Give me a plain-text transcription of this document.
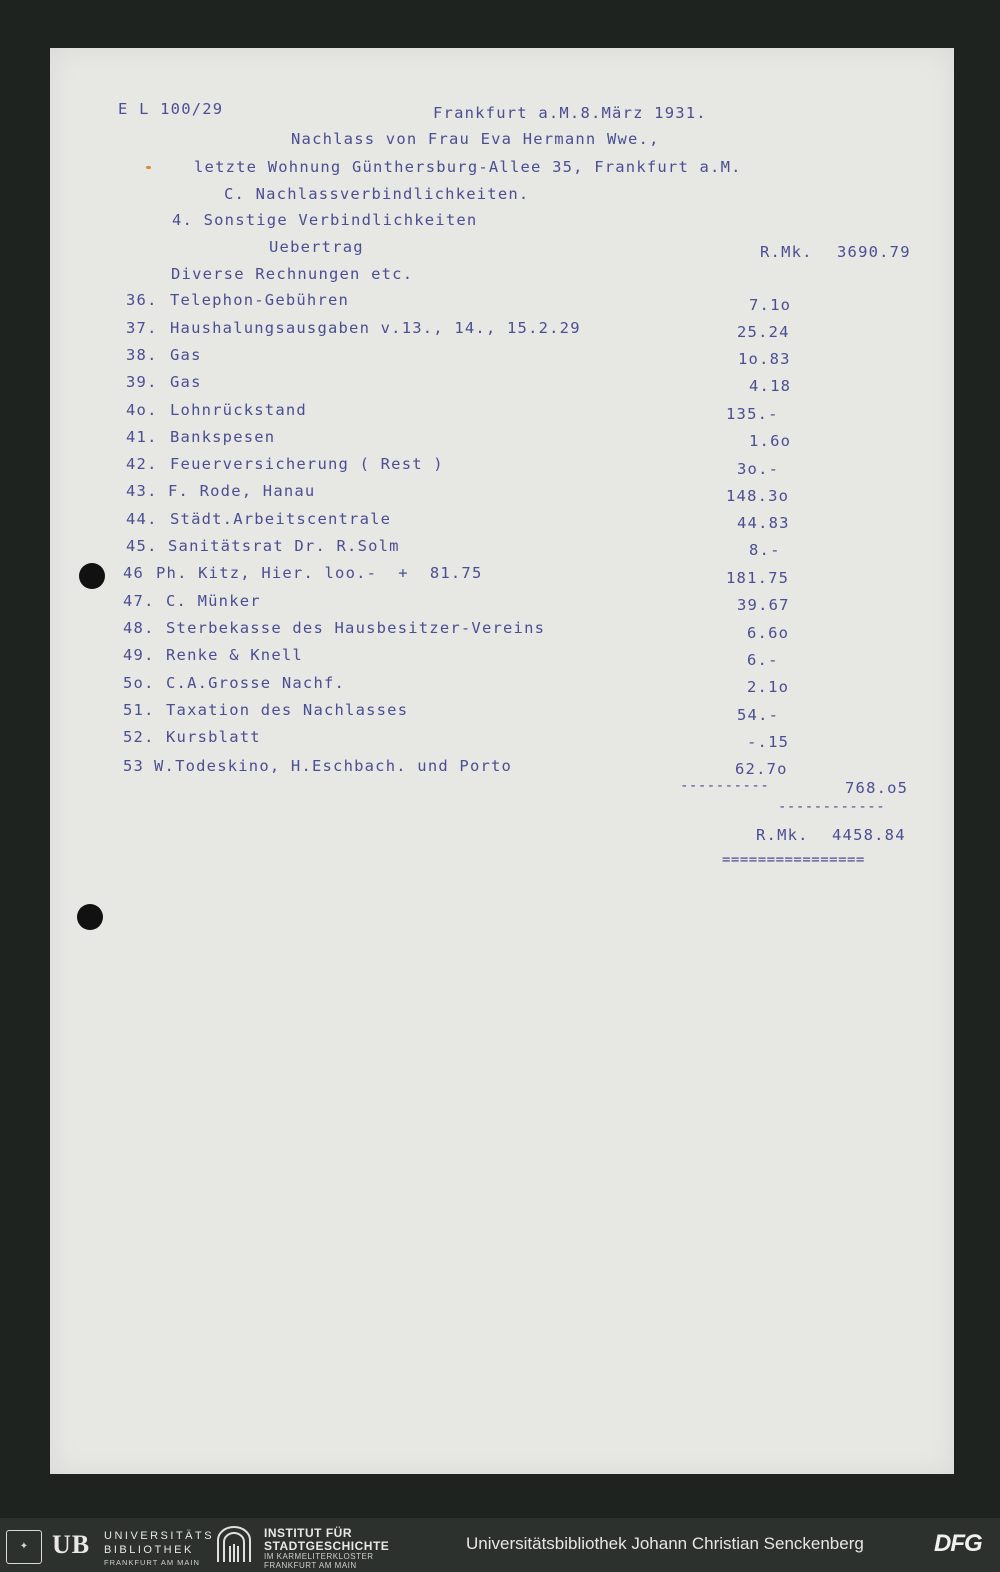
E L 100/29	Frankfurt a.M.8.März 1931.
Nachlass von Frau Eva Hermann Wwe.,
letzte Wohnung Günthersburg-Allee 35, Frankfurt a.M.
C. Nachlassverbindlichkeiten.
4. Sonstige Verbindlichkeiten
Uebertrag	R.Mk. 3690.79
Diverse Rechnungen etc.
36. Telephon-Gebühren	7.1o
37. Haushalungsausgaben v.13., 14., 15.2.29	25.24
38. Gas	1o.83
39. Gas	4.18
4o. Lohnrückstand	135.-
41. Bankspesen	1.6o
42. Feuerversicherung ( Rest )	3o.-
43. F. Rode, Hanau	148.3o
44. Städt.Arbeitscentrale	44.83
45. Sanitätsrat Dr. R.Solm	8.-
46 Ph. Kitz, Hier. loo.-  +  81.75	181.75
47. C. Münker	39.67
48. Sterbekasse des Hausbesitzer-Vereins	6.6o
49. Renke & Knell	6.-
5o. C.A.Grosse Nachf.	2.1o
51. Taxation des Nachlasses	54.-
52. Kursblatt	-.15
53 W.Todeskino, H.Eschbach. und Porto	62.7o
----------	768.o5
------------
R.Mk. 4458.84
================
✦ UB UNIVERSITÄTS
BIBLIOTHEK
FRANKFURT AM MAIN
INSTITUT FÜR
STADTGESCHICHTE
IM KARMELITERKLOSTER
FRANKFURT AM MAIN
Universitätsbibliothek Johann Christian Senckenberg	DFG
